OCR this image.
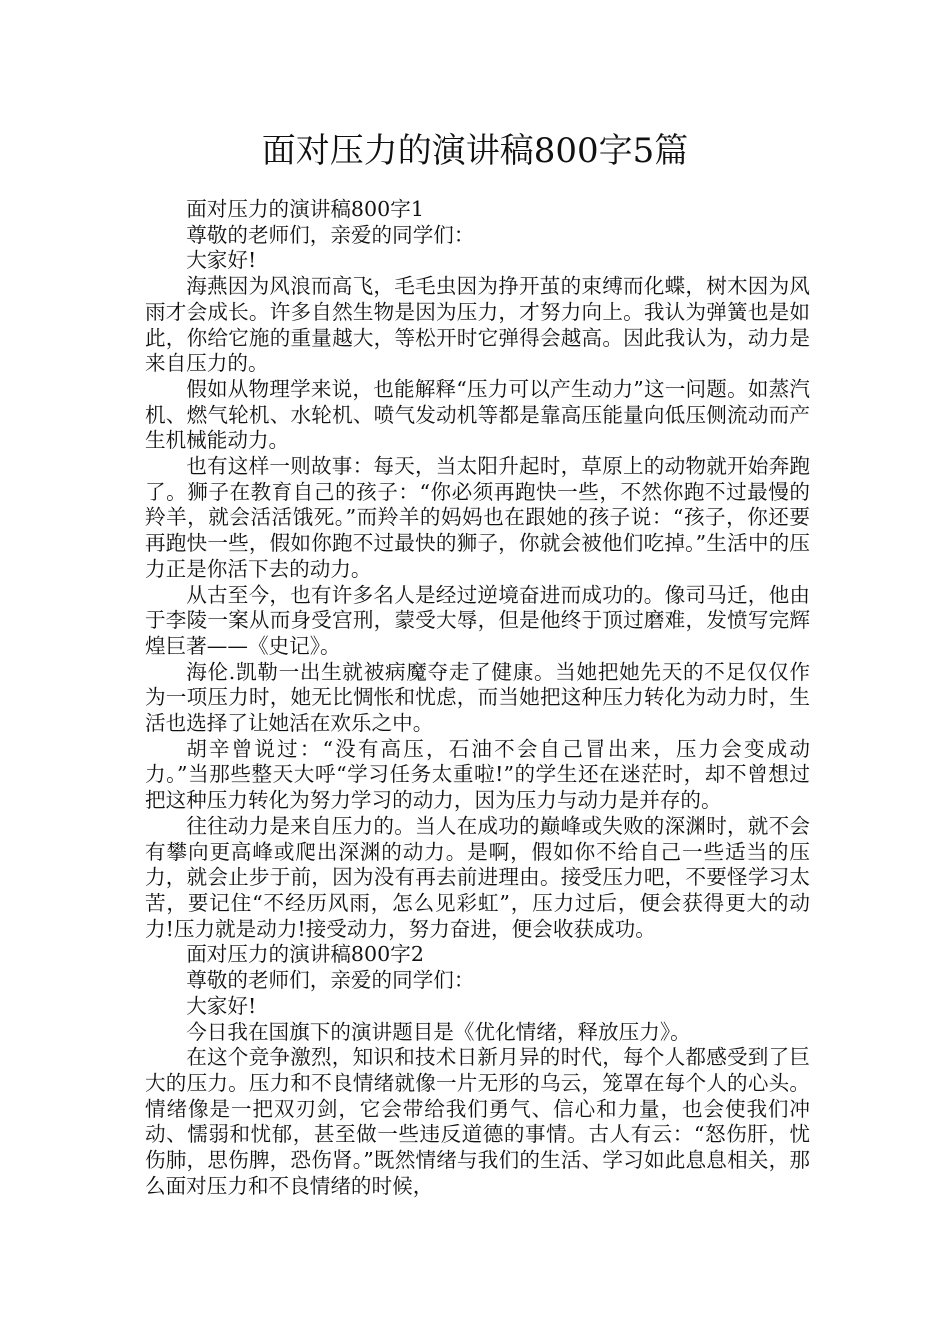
面对压力的演讲稿800字5篇

面对压力的演讲稿800字1

尊敬的老师们，亲爱的同学们：

大家好!

海燕因为风浪而高飞，毛毛虫因为挣开茧的束缚而化蝶，树木因为风雨才会成长。许多自然生物是因为压力，才努力向上。我认为弹簧也是如此，你给它施的重量越大，等松开时它弹得会越高。因此我认为，动力是来自压力的。

假如从物理学来说，也能解释“压力可以产生动力”这一问题。如蒸汽机、燃气轮机、水轮机、喷气发动机等都是靠高压能量向低压侧流动而产生机械能动力。

也有这样一则故事：每天，当太阳升起时，草原上的动物就开始奔跑了。狮子在教育自己的孩子：“你必须再跑快一些，不然你跑不过最慢的羚羊，就会活活饿死。”而羚羊的妈妈也在跟她的孩子说：“孩子，你还要再跑快一些，假如你跑不过最快的狮子，你就会被他们吃掉。”生活中的压力正是你活下去的动力。

从古至今，也有许多名人是经过逆境奋进而成功的。像司马迁，他由于李陵一案从而身受宫刑，蒙受大辱，但是他终于顶过磨难，发愤写完辉煌巨著——《史记》。

海伦.凯勒一出生就被病魔夺走了健康。当她把她先天的不足仅仅作为一项压力时，她无比惆怅和忧虑，而当她把这种压力转化为动力时，生活也选择了让她活在欢乐之中。

胡辛曾说过：“没有高压，石油不会自己冒出来，压力会变成动力。”当那些整天大呼“学习任务太重啦!”的学生还在迷茫时，却不曾想过把这种压力转化为努力学习的动力，因为压力与动力是并存的。

往往动力是来自压力的。当人在成功的巅峰或失败的深渊时，就不会有攀向更高峰或爬出深渊的动力。是啊，假如你不给自己一些适当的压力，就会止步于前，因为没有再去前进理由。接受压力吧，不要怪学习太苦，要记住“不经历风雨，怎么见彩虹”，压力过后，便会获得更大的动力!压力就是动力!接受动力，努力奋进，便会收获成功。

面对压力的演讲稿800字2

尊敬的老师们，亲爱的同学们：

大家好!

今日我在国旗下的演讲题目是《优化情绪，释放压力》。

在这个竞争激烈，知识和技术日新月异的时代，每个人都感受到了巨大的压力。压力和不良情绪就像一片无形的乌云，笼罩在每个人的心头。情绪像是一把双刃剑，它会带给我们勇气、信心和力量，也会使我们冲动、懦弱和忧郁，甚至做一些违反道德的事情。古人有云：“怒伤肝，忧伤肺，思伤脾，恐伤肾。”既然情绪与我们的生活、学习如此息息相关，那么面对压力和不良情绪的时候，
